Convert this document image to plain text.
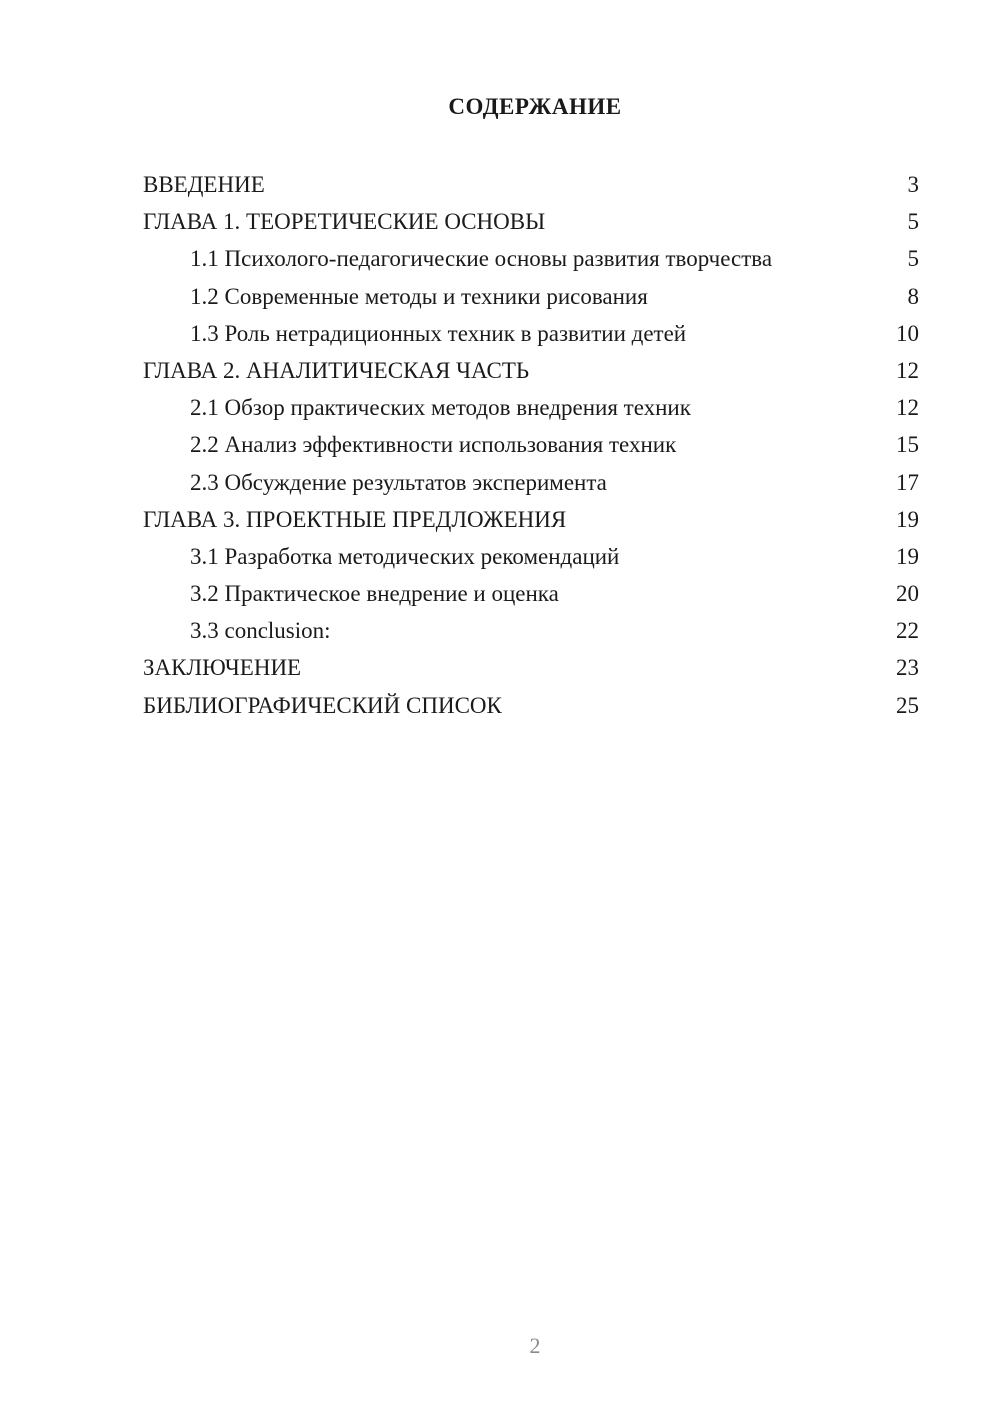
СОДЕРЖАНИЕ
ВВЕДЕНИЕ	3
ГЛАВА 1. ТЕОРЕТИЧЕСКИЕ ОСНОВЫ	5
1.1 Психолого-педагогические основы развития творчества	5
1.2 Современные методы и техники рисования	8
1.3 Роль нетрадиционных техник в развитии детей	10
ГЛАВА 2. АНАЛИТИЧЕСКАЯ ЧАСТЬ	12
2.1 Обзор практических методов внедрения техник	12
2.2 Анализ эффективности использования техник	15
2.3 Обсуждение результатов эксперимента	17
ГЛАВА 3. ПРОЕКТНЫЕ ПРЕДЛОЖЕНИЯ	19
3.1 Разработка методических рекомендаций	19
3.2 Практическое внедрение и оценка	20
3.3 conclusion:	22
ЗАКЛЮЧЕНИЕ	23
БИБЛИОГРАФИЧЕСКИЙ СПИСОК	25
2
